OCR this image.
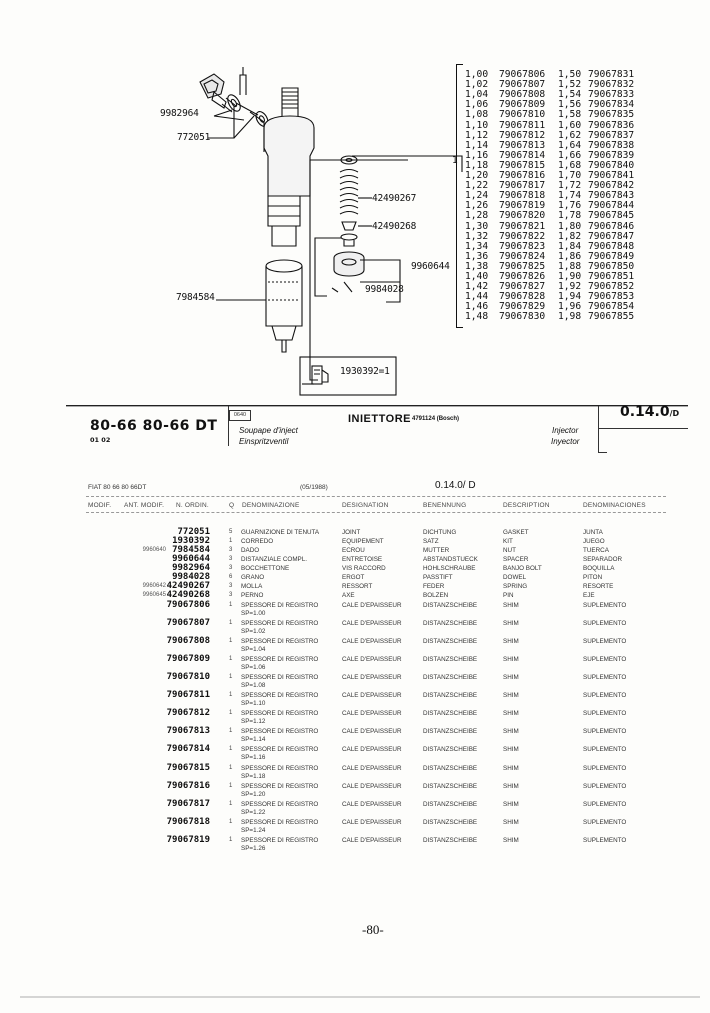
9982964
772051
42490267
42490268
9960644
9984028
7984584
1930392=1
1
1,00 79067806 1,50 79067831
1,02 79067807 1,52 79067832
1,04 79067808 1,54 79067833
1,06 79067809 1,56 79067834
1,08 79067810 1,58 79067835
1,10 79067811 1,60 79067836
1,12 79067812 1,62 79067837
1,14 79067813 1,64 79067838
1,16 79067814 1,66 79067839
1,18 79067815 1,68 79067840
1,20 79067816 1,70 79067841
1,22 79067817 1,72 79067842
1,24 79067818 1,74 79067843
1,26 79067819 1,76 79067844
1,28 79067820 1,78 79067845
1,30 79067821 1,80 79067846
1,32 79067822 1,82 79067847
1,34 79067823 1,84 79067848
1,36 79067824 1,86 79067849
1,38 79067825 1,88 79067850
1,40 79067826 1,90 79067851
1,42 79067827 1,92 79067852
1,44 79067828 1,94 79067853
1,46 79067829 1,96 79067854
1,48 79067830 1,98 79067855
80-66 80-66 DT
01 02
0640	INIETTORE 4791124 (Bosch)
Soupape d'inject
Einspritzventil
Injector
Inyector
0.14.0/D
FIAT 80 66 80 66DT	(05/1988)	0.14.0/ D
MODIF. ANT. MODIF. N. ORDIN.	Q DENOMINAZIONE	DESIGNATION	BENENNUNG	DESCRIPTION	DENOMINACIONES
772051	5 GUARNIZIONE DI TENUTA	JOINT	DICHTUNG	GASKET	JUNTA
1930392	1 CORREDO	EQUIPEMENT	SATZ	KIT	JUEGO
9960640 7984584	3 DADO	ECROU	MUTTER	NUT	TUERCA
9960644	3 DISTANZIALE COMPL.	ENTRETOISE	ABSTANDSTUECK	SPACER	SEPARADOR
9982964	3 BOCCHETTONE	VIS RACCORD	HOHLSCHRAUBE	BANJO BOLT	BOQUILLA
9984028	6 GRANO	ERGOT	PASSTIFT	DOWEL	PITON
9960642 42490267	3 MOLLA	RESSORT	FEDER	SPRING	RESORTE
9960645 42490268	3 PERNO	AXE	BOLZEN	PIN	EJE
79067806	1 SPESSORE DI REGISTRO	CALE D'EPAISSEUR	DISTANZSCHEIBE	SHIM	SUPLEMENTO
SP=1.00
79067807	1 SPESSORE DI REGISTRO	CALE D'EPAISSEUR	DISTANZSCHEIBE	SHIM	SUPLEMENTO
SP=1.02
79067808	1 SPESSORE DI REGISTRO	CALE D'EPAISSEUR	DISTANZSCHEIBE	SHIM	SUPLEMENTO
SP=1.04
79067809	1 SPESSORE DI REGISTRO	CALE D'EPAISSEUR	DISTANZSCHEIBE	SHIM	SUPLEMENTO
SP=1.06
79067810	1 SPESSORE DI REGISTRO	CALE D'EPAISSEUR	DISTANZSCHEIBE	SHIM	SUPLEMENTO
SP=1.08
79067811	1 SPESSORE DI REGISTRO	CALE D'EPAISSEUR	DISTANZSCHEIBE	SHIM	SUPLEMENTO
SP=1.10
79067812	1 SPESSORE DI REGISTRO	CALE D'EPAISSEUR	DISTANZSCHEIBE	SHIM	SUPLEMENTO
SP=1.12
79067813	1 SPESSORE DI REGISTRO	CALE D'EPAISSEUR	DISTANZSCHEIBE	SHIM	SUPLEMENTO
SP=1.14
79067814	1 SPESSORE DI REGISTRO	CALE D'EPAISSEUR	DISTANZSCHEIBE	SHIM	SUPLEMENTO
SP=1.16
79067815	1 SPESSORE DI REGISTRO	CALE D'EPAISSEUR	DISTANZSCHEIBE	SHIM	SUPLEMENTO
SP=1.18
79067816	1 SPESSORE DI REGISTRO	CALE D'EPAISSEUR	DISTANZSCHEIBE	SHIM	SUPLEMENTO
SP=1.20
79067817	1 SPESSORE DI REGISTRO	CALE D'EPAISSEUR	DISTANZSCHEIBE	SHIM	SUPLEMENTO
SP=1.22
79067818	1 SPESSORE DI REGISTRO	CALE D'EPAISSEUR	DISTANZSCHEIBE	SHIM	SUPLEMENTO
SP=1.24
79067819	1 SPESSORE DI REGISTRO	CALE D'EPAISSEUR	DISTANZSCHEIBE	SHIM	SUPLEMENTO
SP=1.26
-80-
